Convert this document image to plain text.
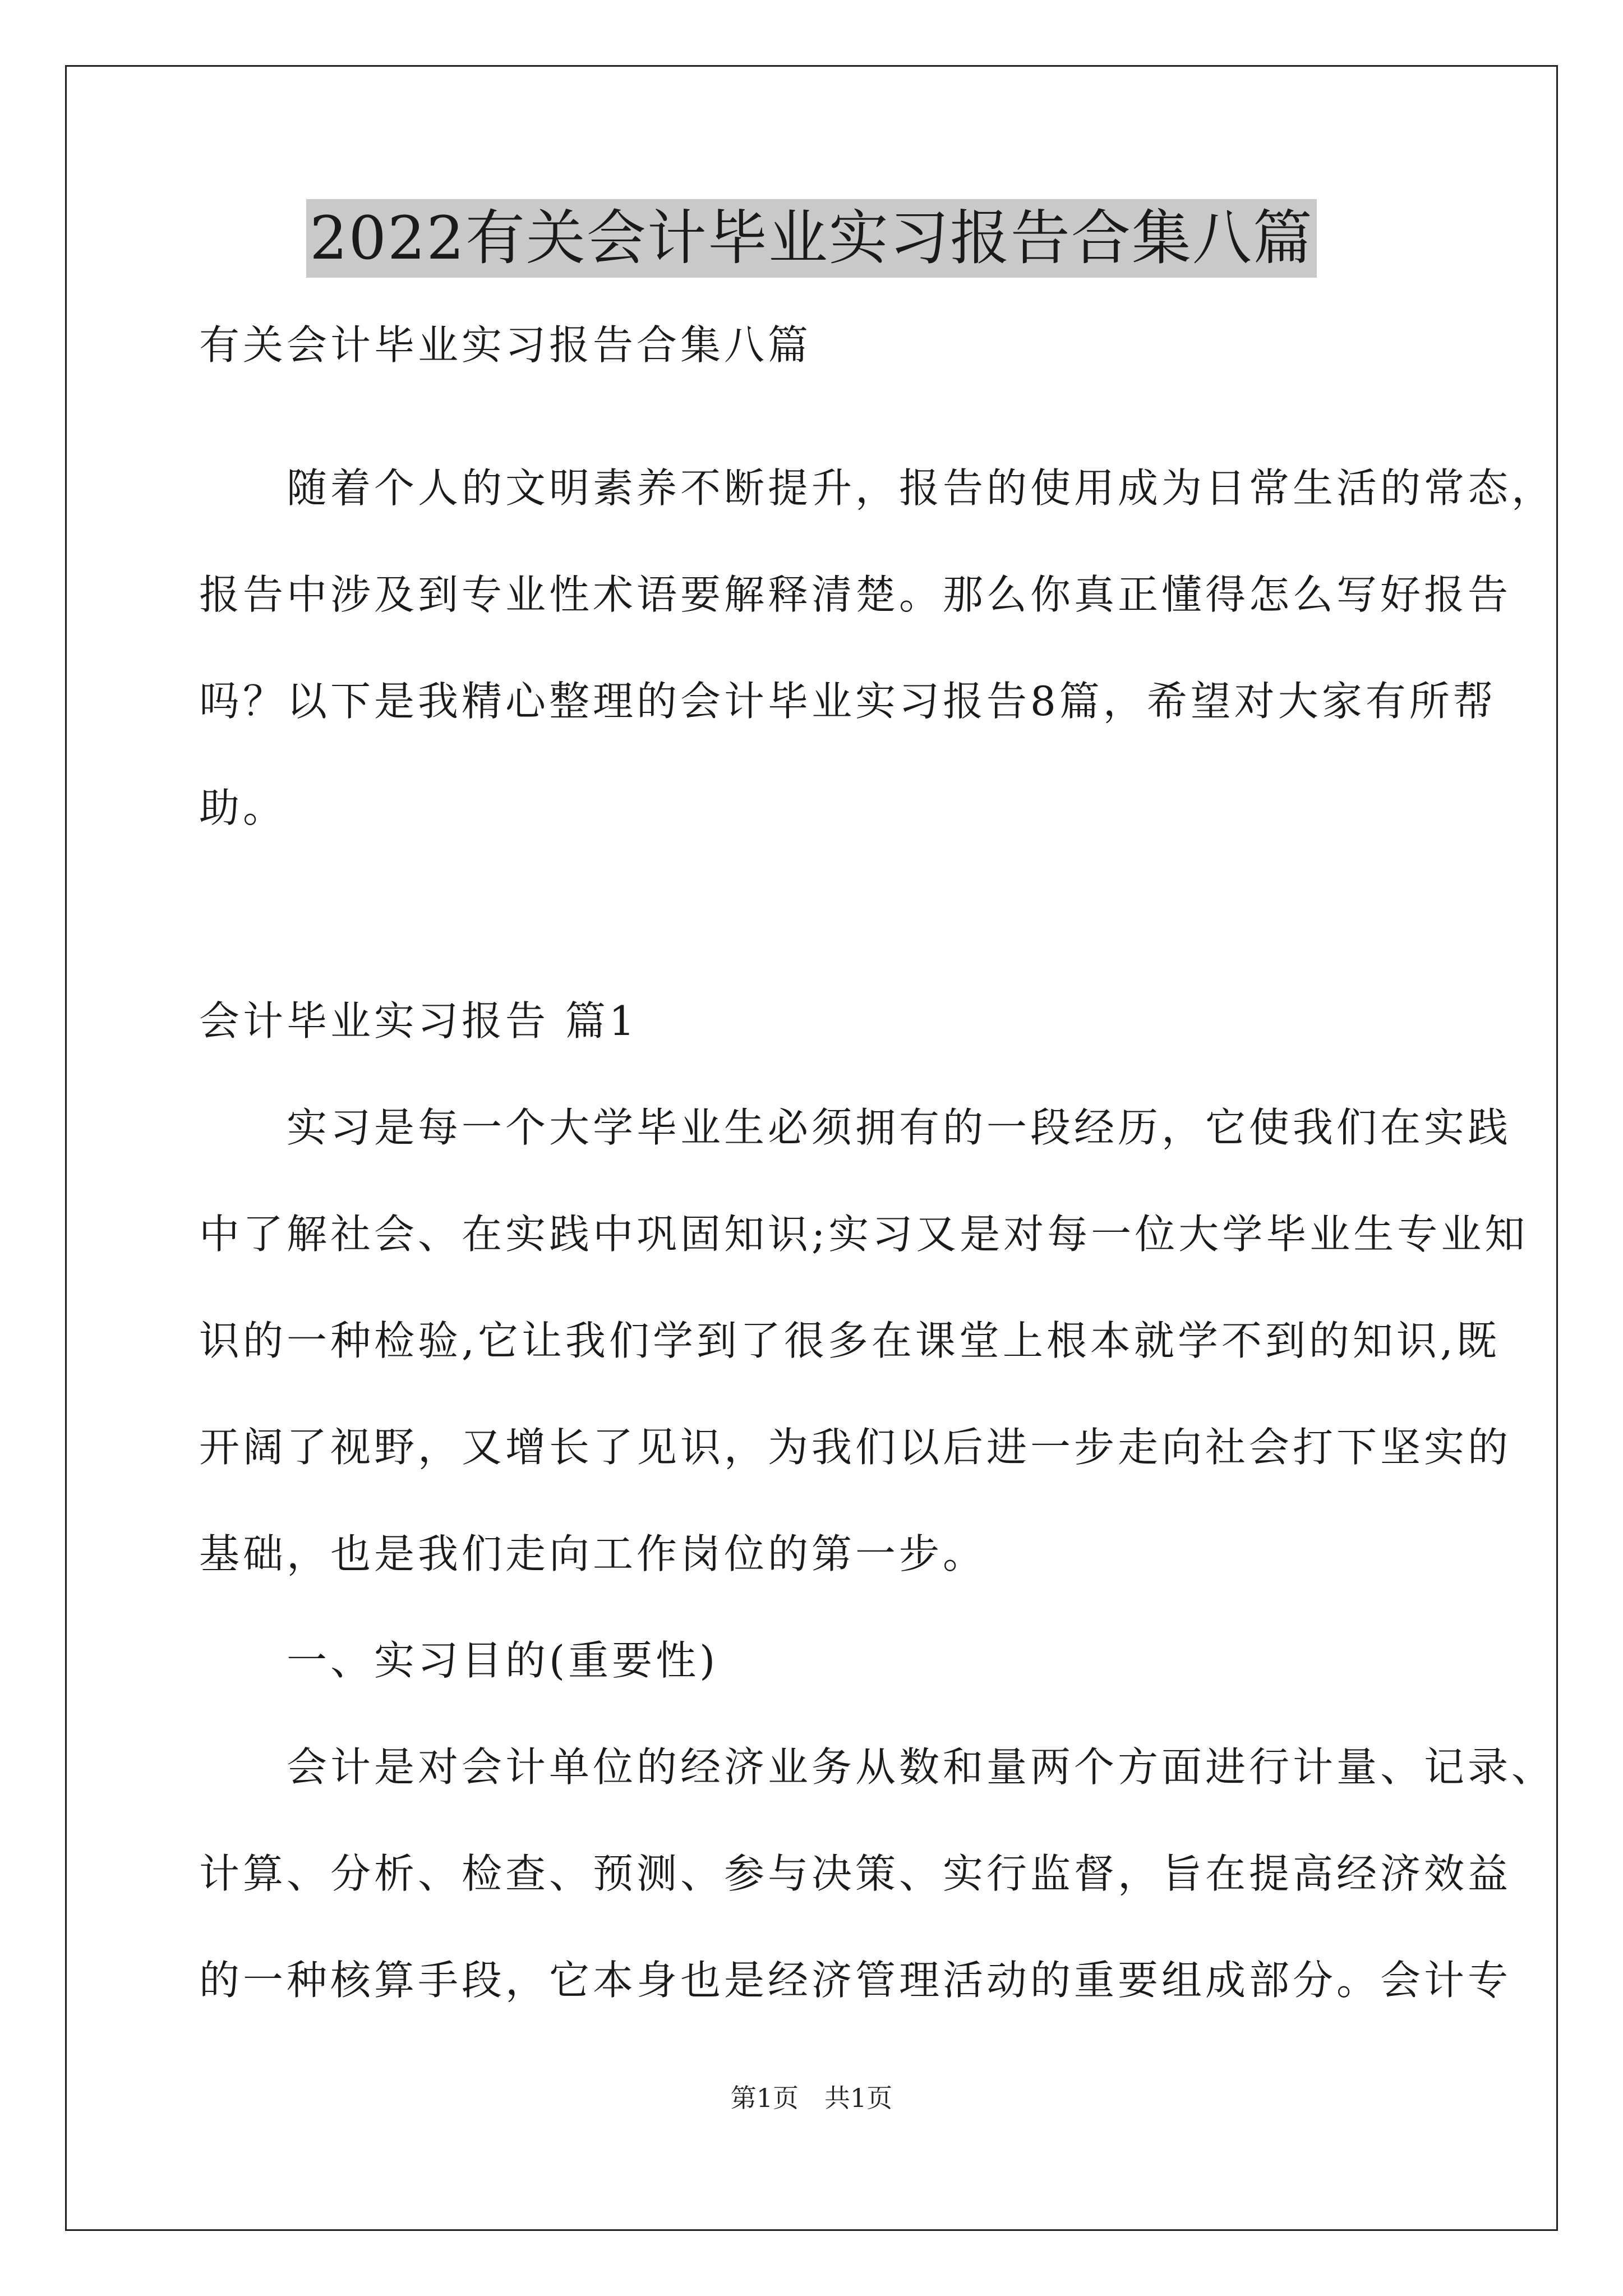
2022有关会计毕业实习报告合集八篇
有关会计毕业实习报告合集八篇
　　随着个人的文明素养不断提升，报告的使用成为日常生活的常态，
报告中涉及到专业性术语要解释清楚。那么你真正懂得怎么写好报告
吗？以下是我精心整理的会计毕业实习报告8篇，希望对大家有所帮
助。
会计毕业实习报告 篇1
　　实习是每一个大学毕业生必须拥有的一段经历，它使我们在实践
中了解社会、在实践中巩固知识;实习又是对每一位大学毕业生专业知
识的一种检验,它让我们学到了很多在课堂上根本就学不到的知识,既
开阔了视野，又增长了见识，为我们以后进一步走向社会打下坚实的
基础，也是我们走向工作岗位的第一步。
　　一、实习目的(重要性)
　　会计是对会计单位的经济业务从数和量两个方面进行计量、记录、
计算、分析、检查、预测、参与决策、实行监督，旨在提高经济效益
的一种核算手段，它本身也是经济管理活动的重要组成部分。会计专
第1页　共1页
